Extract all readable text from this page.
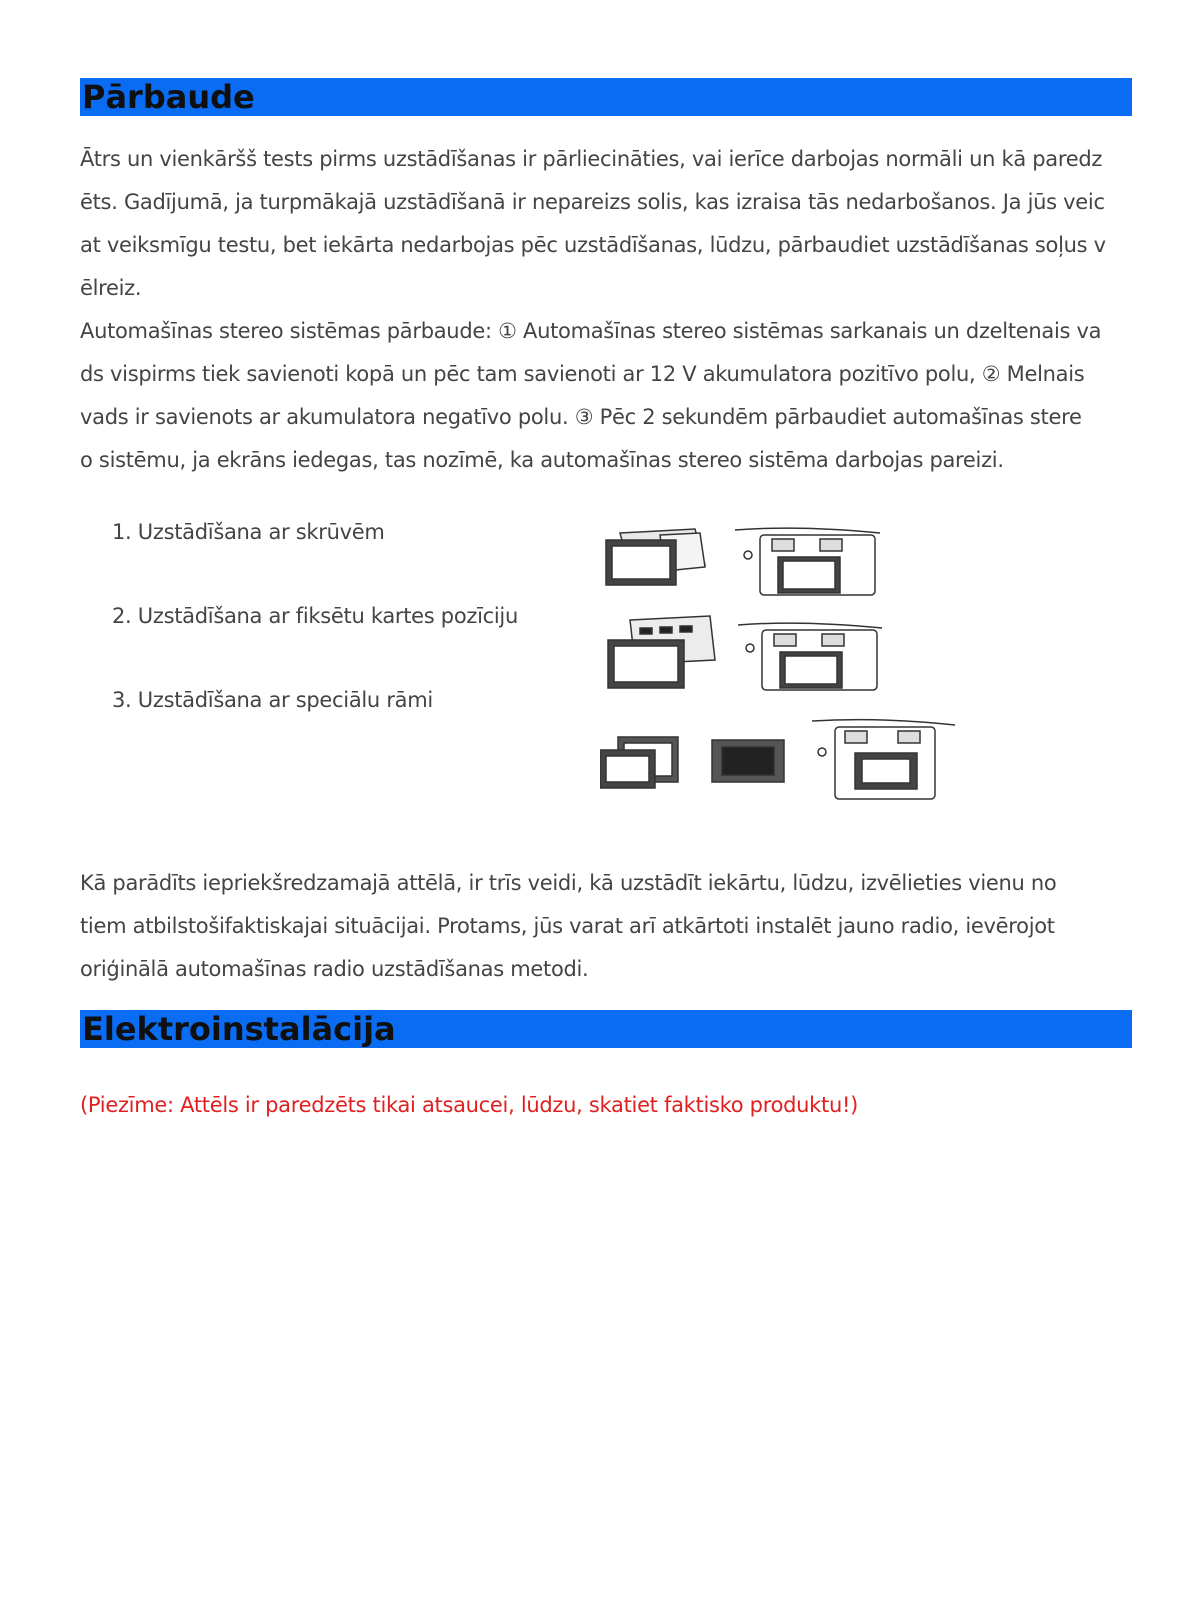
Pārbaude
Ātrs un vienkāršš tests pirms uzstādīšanas ir pārliecināties, vai ierīce darbojas normāli un kā paredz
ēts. Gadījumā, ja turpmākajā uzstādīšanā ir nepareizs solis, kas izraisa tās nedarbošanos. Ja jūs veic
at veiksmīgu testu, bet iekārta nedarbojas pēc uzstādīšanas, lūdzu, pārbaudiet uzstādīšanas soļus v
ēlreiz.
Automašīnas stereo sistēmas pārbaude: ① Automašīnas stereo sistēmas sarkanais un dzeltenais va
ds vispirms tiek savienoti kopā un pēc tam savienoti ar 12 V akumulatora pozitīvo polu, ② Melnais
vads ir savienots ar akumulatora negatīvo polu. ③ Pēc 2 sekundēm pārbaudiet automašīnas stere
o sistēmu, ja ekrāns iedegas, tas nozīmē, ka automašīnas stereo sistēma darbojas pareizi.
1. Uzstādīšana ar skrūvēm
2. Uzstādīšana ar fiksētu kartes pozīciju
3. Uzstādīšana ar speciālu rāmi
Kā parādīts iepriekšredzamajā attēlā, ir trīs veidi, kā uzstādīt iekārtu, lūdzu, izvēlieties vienu no
tiem atbilstošifaktiskajai situācijai. Protams, jūs varat arī atkārtoti instalēt jauno radio, ievērojot
oriģinālā automašīnas radio uzstādīšanas metodi.
Elektroinstalācija
(Piezīme: Attēls ir paredzēts tikai atsaucei, lūdzu, skatiet faktisko produktu!)
